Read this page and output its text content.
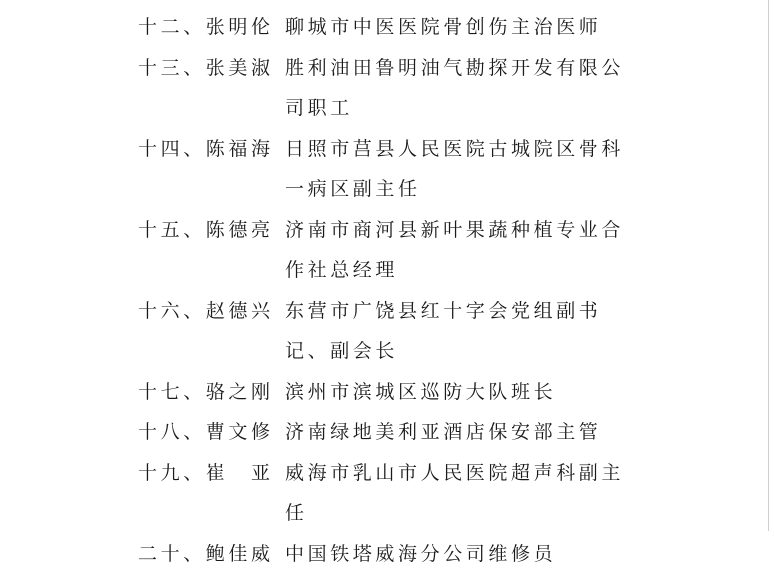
十二、张明伦 聊城市中医医院骨创伤主治医师
十三、张美淑 胜利油田鲁明油气勘探开发有限公司职工
十四、陈福海 日照市莒县人民医院古城院区骨科一病区副主任
十五、陈德亮 济南市商河县新叶果蔬种植专业合作社总经理
十六、赵德兴 东营市广饶县红十字会党组副书记、副会长
十七、骆之刚 滨州市滨城区巡防大队班长
十八、曹文修 济南绿地美利亚酒店保安部主管
十九、崔　亚 威海市乳山市人民医院超声科副主任
二十、鲍佳威 中国铁塔威海分公司维修员
